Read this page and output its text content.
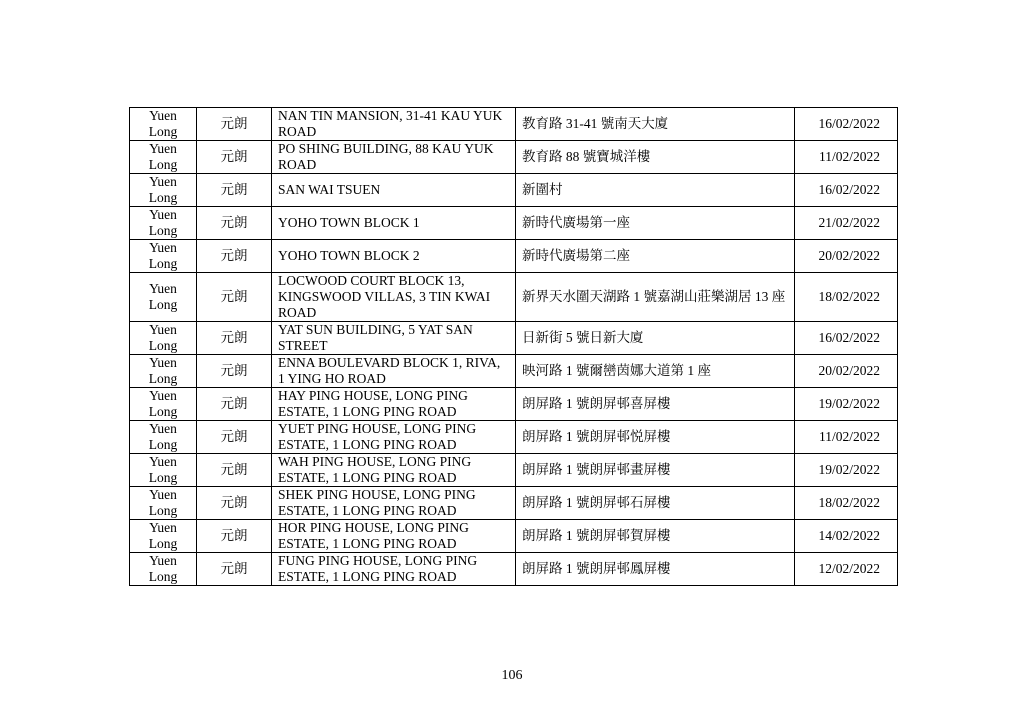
Yuen Long	元朗	NAN TIN MANSION, 31-41 KAU YUK ROAD	教育路 31-41 號南天大廈	16/02/2022

Yuen Long	元朗	PO SHING BUILDING, 88 KAU YUK ROAD	教育路 88 號寶城洋樓	11/02/2022

Yuen Long	元朗	SAN WAI TSUEN	新圍村	16/02/2022

Yuen Long	元朗	YOHO TOWN BLOCK 1	新時代廣場第一座	21/02/2022

Yuen Long	元朗	YOHO TOWN BLOCK 2	新時代廣場第二座	20/02/2022

Yuen Long	元朗	LOCWOOD COURT BLOCK 13, KINGSWOOD VILLAS, 3 TIN KWAI ROAD	新界天水圍天湖路 1 號嘉湖山莊樂湖居 13 座	18/02/2022

Yuen Long	元朗	YAT SUN BUILDING, 5 YAT SAN STREET	日新街 5 號日新大廈	16/02/2022

Yuen Long	元朗	ENNA BOULEVARD BLOCK 1, RIVA, 1 YING HO ROAD	映河路 1 號爾巒茵娜大道第 1 座	20/02/2022

Yuen Long	元朗	HAY PING HOUSE, LONG PING ESTATE, 1 LONG PING ROAD	朗屏路 1 號朗屏邨喜屏樓	19/02/2022

Yuen Long	元朗	YUET PING HOUSE, LONG PING ESTATE, 1 LONG PING ROAD	朗屏路 1 號朗屏邨悦屏樓	11/02/2022

Yuen Long	元朗	WAH PING HOUSE, LONG PING ESTATE, 1 LONG PING ROAD	朗屏路 1 號朗屏邨畫屏樓	19/02/2022

Yuen Long	元朗	SHEK PING HOUSE, LONG PING ESTATE, 1 LONG PING ROAD	朗屏路 1 號朗屏邨石屏樓	18/02/2022

Yuen Long	元朗	HOR PING HOUSE, LONG PING ESTATE, 1 LONG PING ROAD	朗屏路 1 號朗屏邨賀屏樓	14/02/2022

Yuen Long	元朗	FUNG PING HOUSE, LONG PING ESTATE, 1 LONG PING ROAD	朗屏路 1 號朗屏邨鳳屏樓	12/02/2022
106
